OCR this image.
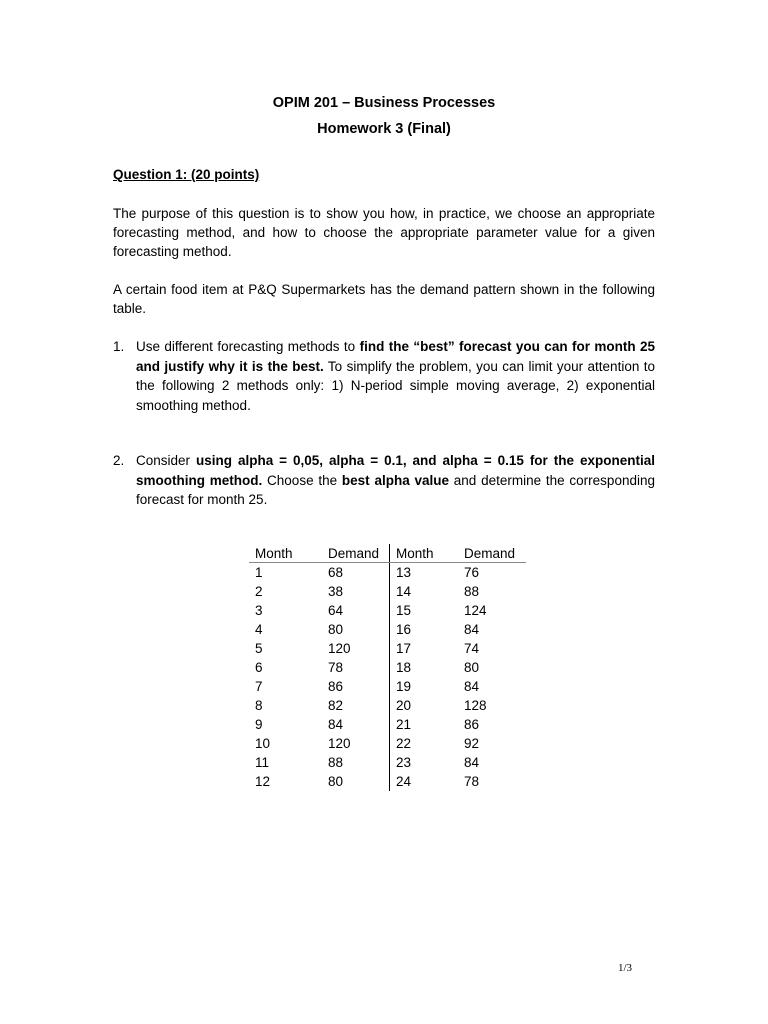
OPIM 201 – Business Processes
Homework 3 (Final)
Question 1: (20 points)
The purpose of this question is to show you how, in practice, we choose an appropriate forecasting method, and how to choose the appropriate parameter value for a given forecasting method.
A certain food item at P&Q Supermarkets has the demand pattern shown in the following table.
1. Use different forecasting methods to find the “best” forecast you can for month 25 and justify why it is the best. To simplify the problem, you can limit your attention to the following 2 methods only: 1) N-period simple moving average, 2) exponential smoothing method.
2. Consider using alpha = 0,05, alpha = 0.1, and alpha = 0.15 for the exponential smoothing method. Choose the best alpha value and determine the corresponding forecast for month 25.
Month	Demand	Month	Demand
1	68	13	76
2	38	14	88
3	64	15	124
4	80	16	84
5	120	17	74
6	78	18	80
7	86	19	84
8	82	20	128
9	84	21	86
10	120	22	92
11	88	23	84
12	80	24	78
1/3
